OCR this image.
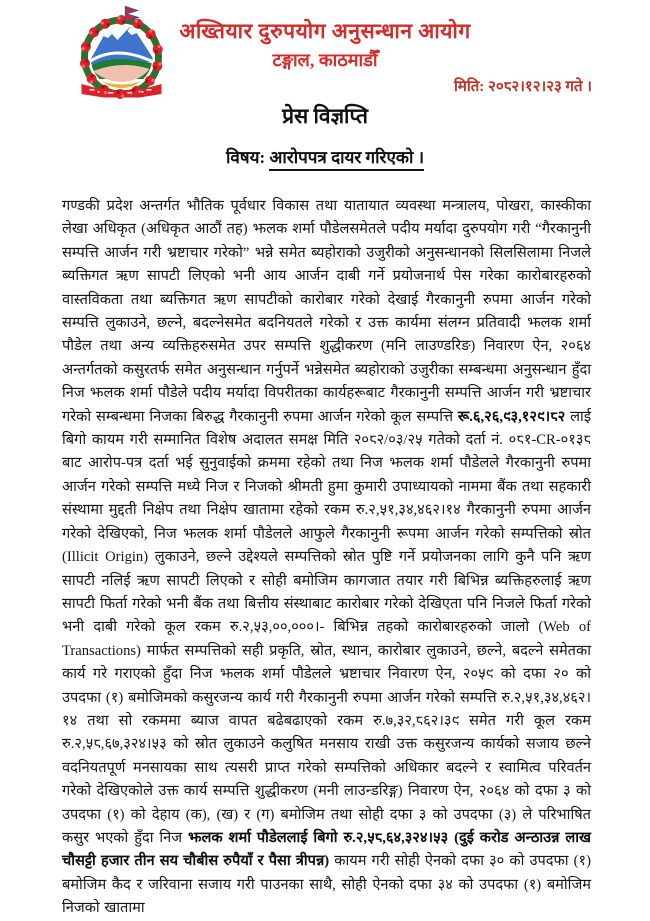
अख्तियार दुरुपयोग अनुसन्धान आयोग
टङ्गाल, काठमाडौँ
मिति: २०८२।१२।२३ गते ।
प्रेस विज्ञप्ति
विषय: आरोपपत्र दायर गरिएको ।

गण्डकी प्रदेश अन्तर्गत भौतिक पूर्वधार विकास तथा यातायात व्यवस्था मन्त्रालय, पोखरा, कास्कीका लेखा अधिकृत (अधिकृत आठौं तह) झलक शर्मा पौडेलसमेतले पदीय मर्यादा दुरुपयोग गरी “गैरकानुनी सम्पत्ति आर्जन गरी भ्रष्टाचार गरेको” भन्ने समेत ब्यहोराको उजुरीको अनुसन्धानको सिलसिलामा निजले ब्यक्तिगत ऋण सापटी लिएको भनी आय आर्जन दाबी गर्ने प्रयोजनार्थ पेस गरेका कारोबारहरुको वास्तविकता तथा ब्यक्तिगत ऋण सापटीको कारोबार गरेको देखाई गैरकानुनी रुपमा आर्जन गरेको सम्पत्ति लुकाउने, छल्ने, बदल्नेसमेत बदनियतले गरेको र उक्त कार्यमा संलग्न प्रतिवादी झलक शर्मा पौडेल तथा अन्य व्यक्तिहरुसमेत उपर सम्पत्ति शुद्धीकरण (मनि लाउण्डरिङ) निवारण ऐन, २०६४ अन्तर्गतको कसुरतर्फ समेत अनुसन्धान गर्नुपर्ने भन्नेसमेत ब्यहोराको उजुरीका सम्बन्धमा अनुसन्धान हुँदा निज झलक शर्मा पौडेले पदीय मर्यादा विपरीतका कार्यहरूबाट गैरकानुनी सम्पत्ति आर्जन गरी भ्रष्टाचार गरेको सम्बन्धमा निजका बिरुद्ध गैरकानुनी रुपमा आर्जन गरेको कूल सम्पत्ति रू.६,२६,९३,१२९।८२ लाई बिगो कायम गरी सम्मानित विशेष अदालत समक्ष मिति २०८२/०३/२५ गतेको दर्ता नं. ०८१-CR-०१३८ बाट आरोप-पत्र दर्ता भई सुनुवाईको क्रममा रहेको तथा निज झलक शर्मा पौडेलले गैरकानुनी रुपमा आर्जन गरेको सम्पत्ति मध्ये निज र निजको श्रीमती हुमा कुमारी उपाध्यायको नाममा बैंक तथा सहकारी संस्थामा मुद्दती निक्षेप तथा निक्षेप खातामा रहेको रकम रु.२,५१,३४,४६२।१४ गैरकानुनी रुपमा आर्जन गरेको देखिएको, निज झलक शर्मा पौडेलले आफुले गैरकानुनी रूपमा आर्जन गरेको सम्पत्तिको स्रोत (Illicit Origin) लुकाउने, छल्ने उद्देश्यले सम्पत्तिको स्रोत पुष्टि गर्ने प्रयोजनका लागि कुनै पनि ऋण सापटी नलिई ऋण सापटी लिएको र सोही बमोजिम कागजात तयार गरी बिभिन्न ब्यक्तिहरुलाई ऋण सापटी फिर्ता गरेको भनी बैंक तथा बित्तीय संस्थाबाट कारोबार गरेको देखिएता पनि निजले फिर्ता गरेको भनी दाबी गरेको कूल रकम रु.२,५३,००,०००।- बिभिन्न तहको कारोबारहरुको जालो (Web of Transactions) मार्फत सम्पत्तिको सही प्रकृति, स्रोत, स्थान, कारोबार लुकाउने, छल्ने, बदल्ने समेतका कार्य गरे गराएको हुँदा निज झलक शर्मा पौडेलले भ्रष्टाचार निवारण ऐन, २०५९ को दफा २० को उपदफा (१) बमोजिमको कसुरजन्य कार्य गरी गैरकानुनी रुपमा आर्जन गरेको सम्पत्ति रु.२,५१,३४,४६२।१४ तथा सो रकममा ब्याज वापत बढेबढाएको रकम रु.७,३२,८६२।३९ समेत गरी कूल रकम रु.२,५८,६७,३२४।५३ को स्रोत लुकाउने कलुषित मनसाय राखी उक्त कसुरजन्य कार्यको सजाय छल्ने वदनियतपूर्ण मनसायका साथ त्यसरी प्राप्त गरेको सम्पत्तिको अधिकार बदल्ने र स्वामित्व परिवर्तन गरेको देखिएकोले उक्त कार्य सम्पत्ति शुद्धीकरण (मनी लाउन्डरिङ्ग) निवारण ऐन, २०६४ को दफा ३ को उपदफा (१) को देहाय (क), (ख) र (ग) बमोजिम तथा सोही दफा ३ को उपदफा (३) ले परिभाषित कसुर भएको हुँदा निज झलक शर्मा पौडेललाई बिगो रु.२,५८,६४,३२४।५३ (दुई करोड अन्ठाउन्न लाख चौसट्टी हजार तीन सय चौबीस रुपैयाँ र पैसा त्रीपन्न) कायम गरी सोही ऐनको दफा ३० को उपदफा (१) बमोजिम कैद र जरिवाना सजाय गरी पाउनका साथै, सोही ऐनको दफा ३४ को उपदफा (१) बमोजिम निजको खातामा
